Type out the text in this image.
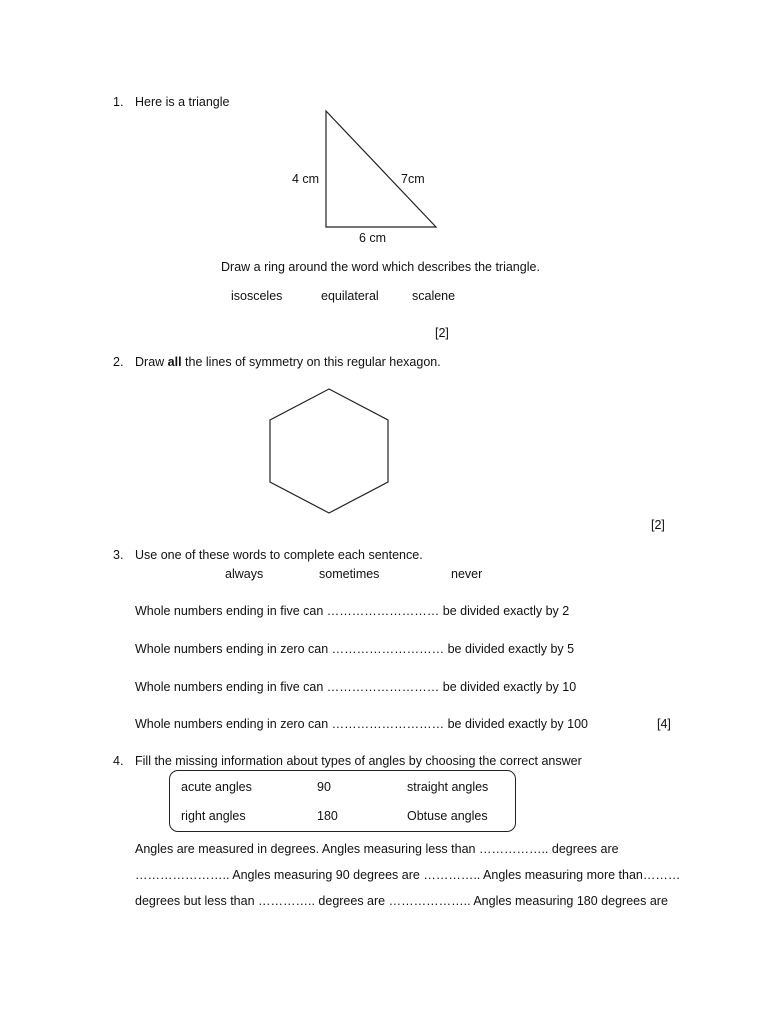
1. Here is a triangle
4 cm	7cm
6 cm
Draw a ring around the word which describes the triangle.
isosceles	equilateral	scalene
[2]
2. Draw all the lines of symmetry on this regular hexagon.
[2]
3. Use one of these words to complete each sentence.
always	sometimes	never
Whole numbers ending in five can ……………………… be divided exactly by 2
Whole numbers ending in zero can ……………………… be divided exactly by 5
Whole numbers ending in five can ……………………… be divided exactly by 10
Whole numbers ending in zero can ……………………… be divided exactly by 100	[4]
4. Fill the missing information about types of angles by choosing the correct answer
acute angles	90	straight angles
right angles	180	Obtuse angles
Angles are measured in degrees. Angles measuring less than …………….. degrees are
………………….. Angles measuring 90 degrees are ………….. Angles measuring more than………
degrees but less than ………….. degrees are ……………….. Angles measuring 180 degrees are
